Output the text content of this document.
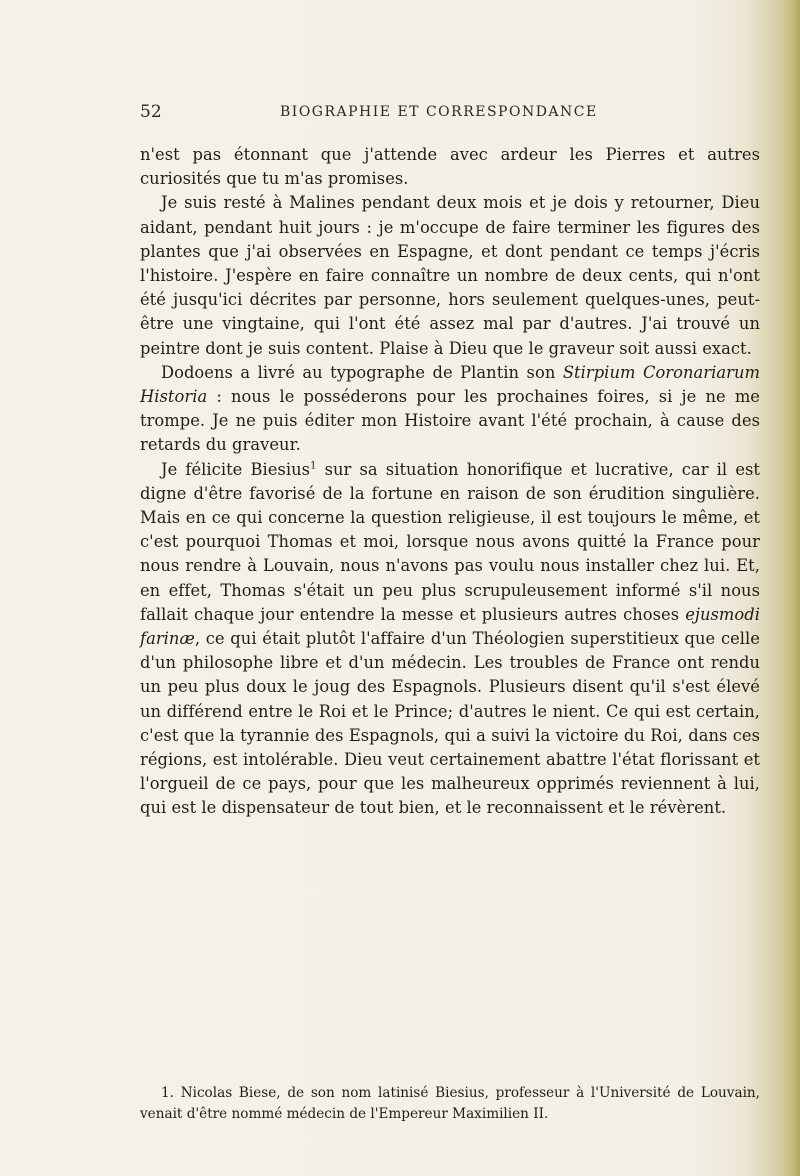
52	BIOGRAPHIE ET CORRESPONDANCE

n'est pas étonnant que j'attende avec ardeur les Pierres et autres curiosités que tu m'as promises.

Je suis resté à Malines pendant deux mois et je dois y retourner, Dieu aidant, pendant huit jours : je m'occupe de faire terminer les figures des plantes que j'ai observées en Espagne, et dont pendant ce temps j'écris l'histoire. J'espère en faire connaître un nombre de deux cents, qui n'ont été jusqu'ici décrites par personne, hors seulement quelques-unes, peut-être une vingtaine, qui l'ont été assez mal par d'autres. J'ai trouvé un peintre dont je suis content. Plaise à Dieu que le graveur soit aussi exact.

Dodoens a livré au typographe de Plantin son Stirpium Coronariarum Historia : nous le posséderons pour les prochaines foires, si je ne me trompe. Je ne puis éditer mon Histoire avant l'été prochain, à cause des retards du graveur.

Je félicite Biesius$^1$ sur sa situation honorifique et lucrative, car il est digne d'être favorisé de la fortune en raison de son érudition singulière. Mais en ce qui concerne la question religieuse, il est toujours le même, et c'est pourquoi Thomas et moi, lorsque nous avons quitté la France pour nous rendre à Louvain, nous n'avons pas voulu nous installer chez lui. Et, en effet, Thomas s'était un peu plus scrupuleusement informé s'il nous fallait chaque jour entendre la messe et plusieurs autres choses ejusmodi farinæ, ce qui était plutôt l'affaire d'un Théologien superstitieux que celle d'un philosophe libre et d'un médecin. Les troubles de France ont rendu un peu plus doux le joug des Espagnols. Plusieurs disent qu'il s'est élevé un différend entre le Roi et le Prince; d'autres le nient. Ce qui est certain, c'est que la tyrannie des Espagnols, qui a suivi la victoire du Roi, dans ces régions, est intolérable. Dieu veut certainement abattre l'état florissant et l'orgueil de ce pays, pour que les malheureux opprimés reviennent à lui, qui est le dispensateur de tout bien, et le reconnaissent et le révèrent.

1. Nicolas Biese, de son nom latinisé Biesius, professeur à l'Université de Louvain, venait d'être nommé médecin de l'Empereur Maximilien II.
